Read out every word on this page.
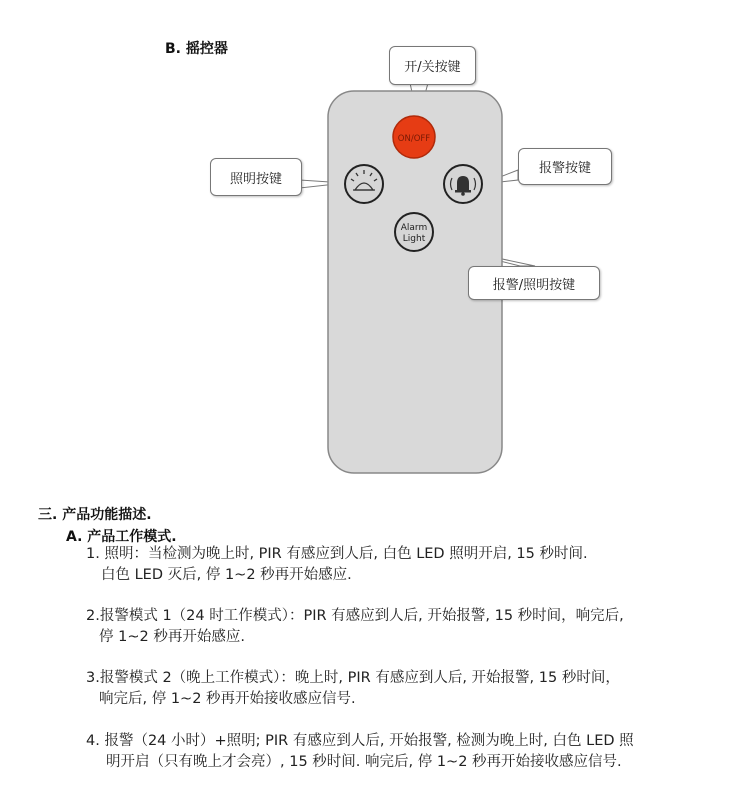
B. 摇控器
ON/OFF
Alarm
Light
开/关按键
照明按键
报警按键
报警/照明按键
三. 产品功能描述.
A. 产品工作模式.
1. 照明：当检测为晚上时, PIR 有感应到人后, 白色 LED 照明开启, 15 秒时间.
白色 LED 灭后, 停 1~2 秒再开始感应.
2.报警模式 1（24 时工作模式）：PIR 有感应到人后, 开始报警, 15 秒时间，响完后,
停 1~2 秒再开始感应.
3.报警模式 2（晚上工作模式）：晚上时, PIR 有感应到人后, 开始报警, 15 秒时间，
响完后, 停 1~2 秒再开始接收感应信号.
4. 报警（24 小时）+照明; PIR 有感应到人后, 开始报警, 检测为晚上时, 白色 LED 照
明开启（只有晚上才会亮）, 15 秒时间. 响完后, 停 1~2 秒再开始接收感应信号.
